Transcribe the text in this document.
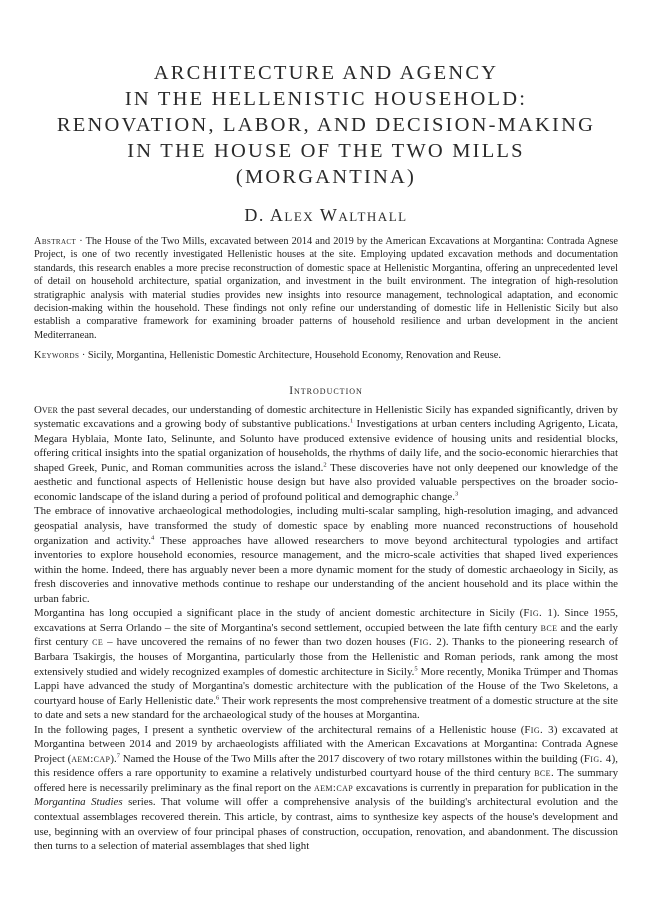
ARCHITECTURE AND AGENCY
IN THE HELLENISTIC HOUSEHOLD:
RENOVATION, LABOR, AND DECISION-MAKING
IN THE HOUSE OF THE TWO MILLS (MORGANTINA)
D. Alex Walthall
Abstract · The House of the Two Mills, excavated between 2014 and 2019 by the American Excavations at Morgantina: Contrada Agnese Project, is one of two recently investigated Hellenistic houses at the site. Employing updated excavation methods and documentation standards, this research enables a more precise reconstruction of domestic space at Hellenistic Morgantina, offering an unprecedented level of detail on household architecture, spatial organization, and investment in the built environment. The integration of high-resolution stratigraphic analysis with material studies provides new insights into resource management, technological adaptation, and economic decision-making within the household. These findings not only refine our understanding of domestic life in Hellenistic Sicily but also establish a comparative framework for examining broader patterns of household resilience and urban development in the ancient Mediterranean.
Keywords · Sicily, Morgantina, Hellenistic Domestic Architecture, Household Economy, Renovation and Reuse.
Introduction

Over the past several decades, our understanding of domestic architecture in Hellenistic Sicily has expanded significantly, driven by systematic excavations and a growing body of substantive publications.$^1$ Investigations at urban centers including Agrigento, Licata, Megara Hyblaia, Monte Iato, Selinunte, and Solunto have produced extensive evidence of housing units and residential blocks, offering critical insights into the spatial organization of households, the rhythms of daily life, and the socio-economic hierarchies that shaped Greek, Punic, and Roman communities across the island.$^2$ These discoveries have not only deepened our knowledge of the aesthetic and functional aspects of Hellenistic house design but have also provided valuable perspectives on the broader socio-economic landscape of the island during a period of profound political and demographic change.$^3$

The embrace of innovative archaeological methodologies, including multi-scalar sampling, high-resolution imaging, and advanced geospatial analysis, have transformed the study of domestic space by enabling more nuanced reconstructions of household organization and activity.$^4$ These approaches have allowed researchers to move beyond architectural typologies and artifact inventories to explore household economies, resource management, and the micro-scale activities that shaped lived experiences within the home. Indeed, there has arguably never been a more dynamic moment for the study of domestic archaeology in Sicily, as fresh discoveries and innovative methods continue to reshape our understanding of the ancient household and its place within the urban fabric.

Morgantina has long occupied a significant place in the study of ancient domestic architecture in Sicily (Fig. 1). Since 1955, excavations at Serra Orlando – the site of Morgantina's second settlement, occupied between the late fifth century bce and the early first century ce – have uncovered the remains of no fewer than two dozen houses (Fig. 2). Thanks to the pioneering research of Barbara Tsakirgis, the houses of Morgantina, particularly those from the Hellenistic and Roman periods, rank among the most extensively studied and widely recognized examples of domestic architecture in Sicily.$^5$ More recently, Monika Trümper and Thomas Lappi have advanced the study of Morgantina's domestic architecture with the publication of the House of the Two Skeletons, a courtyard house of Early Hellenistic date.$^6$ Their work represents the most comprehensive treatment of a domestic structure at the site to date and sets a new standard for the archaeological study of the houses at Morgantina.

In the following pages, I present a synthetic overview of the architectural remains of a Hellenistic house (Fig. 3) excavated at Morgantina between 2014 and 2019 by archaeologists affiliated with the American Excavations at Morgantina: Contrada Agnese Project (aem:cap).$^7$ Named the House of the Two Mills after the 2017 discovery of two rotary millstones within the building (Fig. 4), this residence offers a rare opportunity to examine a relatively undisturbed courtyard house of the third century bce. The summary offered here is necessarily preliminary as the final report on the aem:cap excavations is currently in preparation for publication in the Morgantina Studies series. That volume will offer a comprehensive analysis of the building's architectural evolution and the contextual assemblages recovered therein. This article, by contrast, aims to synthesize key aspects of the house's development and use, beginning with an overview of four principal phases of construction, occupation, renovation, and abandonment. The discussion then turns to a selection of material assemblages that shed light
